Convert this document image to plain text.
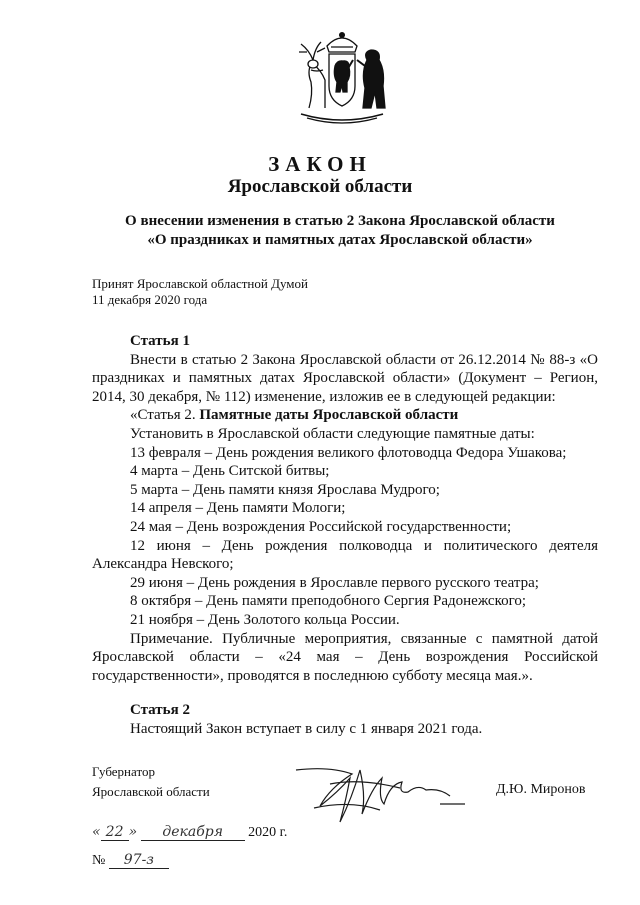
ЗАКОН
Ярославской области
О внесении изменения в статью 2 Закона Ярославской области
«О праздниках и памятных датах Ярославской области»
Принят Ярославской областной Думой
11 декабря 2020 года

Статья 1

Внести в статью 2 Закона Ярославской области от 26.12.2014 № 88-з «О праздниках и памятных датах Ярославской области» (Документ – Регион, 2014, 30 декабря, № 112) изменение, изложив ее в следующей редакции:

«Статья 2. Памятные даты Ярославской области

Установить в Ярославской области следующие памятные даты:

13 февраля – День рождения великого флотоводца Федора Ушакова;

4 марта – День Ситской битвы;

5 марта – День памяти князя Ярослава Мудрого;

14 апреля – День памяти Мологи;

24 мая – День возрождения Российской государственности;

12 июня – День рождения полководца и политического деятеля Александра Невского;

29 июня – День рождения в Ярославле первого русского театра;

8 октября – День памяти преподобного Сергия Радонежского;

21 ноября – День Золотого кольца России.

Примечание. Публичные мероприятия, связанные с памятной датой Ярославской области – «24 мая – День возрождения Российской государственности», проводятся в последнюю субботу месяца мая.».

Статья 2

Настоящий Закон вступает в силу с 1 января 2021 года.

Губернатор
Ярославской области	Д.Ю. Миронов
« 22 » декабря 2020 г.
№ 97-з
